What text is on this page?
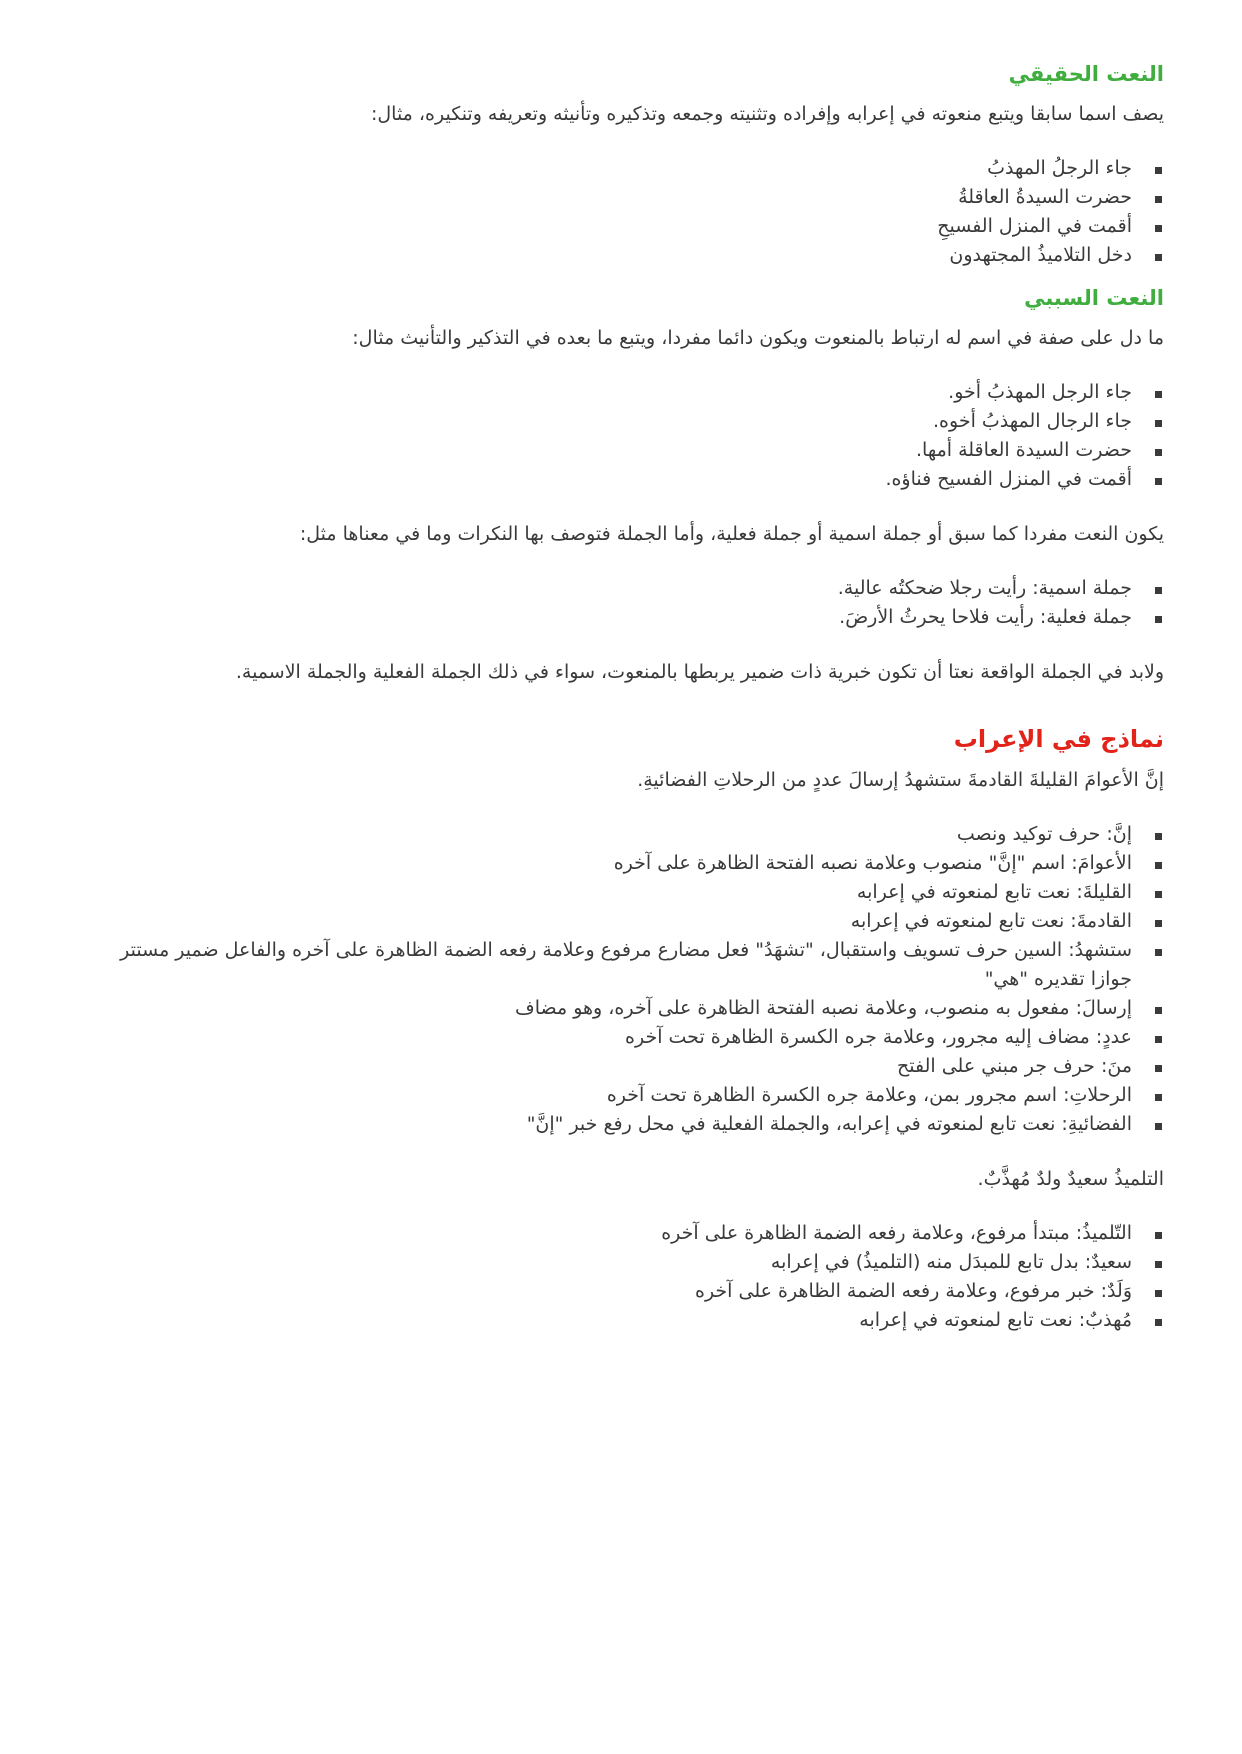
النعت الحقيقي

يصف اسما سابقا ويتبع منعوته في إعرابه وإفراده وتثنيته وجمعه وتذكيره وتأنيثه وتعريفه وتنكيره، مثال:

جاء الرجلُ المهذبُ
حضرت السيدةُ العاقلةُ
أقمت في المنزل الفسيحِ
دخل التلاميذُ المجتهدون
النعت السببي

ما دل على صفة في اسم له ارتباط بالمنعوت ويكون دائما مفردا، ويتبع ما بعده في التذكير والتأنيث مثال:

جاء الرجل المهذبُ أخو.
جاء الرجال المهذبُ أخوه.
حضرت السيدة العاقلة أمها.
أقمت في المنزل الفسيح فناؤه.

يكون النعت مفردا كما سبق أو جملة اسمية أو جملة فعلية، وأما الجملة فتوصف بها النكرات وما في معناها مثل:

جملة اسمية: رأيت رجلا ضحكتُه عالية.
جملة فعلية: رأيت فلاحا يحرثُ الأرضَ.

ولابد في الجملة الواقعة نعتا أن تكون خبرية ذات ضمير يربطها بالمنعوت، سواء في ذلك الجملة الفعلية والجملة الاسمية.

نماذج في الإعراب

إنَّ الأعوامَ القليلةَ القادمةَ ستشهدُ إرسالَ عددٍ من الرحلاتِ الفضائيةِ.

إنَّ: حرف توكيد ونصب
الأعوامَ: اسم "إنَّ" منصوب وعلامة نصبه الفتحة الظاهرة على آخره
القليلةَ: نعت تابع لمنعوته في إعرابه
القادمةَ: نعت تابع لمنعوته في إعرابه
ستشهدُ: السين حرف تسويف واستقبال، "تشهَدُ" فعل مضارع مرفوع وعلامة رفعه الضمة الظاهرة على آخره والفاعل ضمير مستتر جوازا تقديره "هي"
إرسالَ: مفعول به منصوب، وعلامة نصبه الفتحة الظاهرة على آخره، وهو مضاف
عددٍ: مضاف إليه مجرور، وعلامة جره الكسرة الظاهرة تحت آخره
منَ: حرف جر مبني على الفتح
الرحلاتِ: اسم مجرور بمن، وعلامة جره الكسرة الظاهرة تحت آخره
الفضائيةِ: نعت تابع لمنعوته في إعرابه، والجملة الفعلية في محل رفع خبر "إنَّ"

التلميذُ سعيدٌ ولدٌ مُهذَّبٌ.

التّلميذُ: مبتدأ مرفوع، وعلامة رفعه الضمة الظاهرة على آخره
سعيدٌ: بدل تابع للمبدَل منه (التلميذُ) في إعرابه
وَلَدٌ: خبر مرفوع، وعلامة رفعه الضمة الظاهرة على آخره
مُهذبٌ: نعت تابع لمنعوته في إعرابه
